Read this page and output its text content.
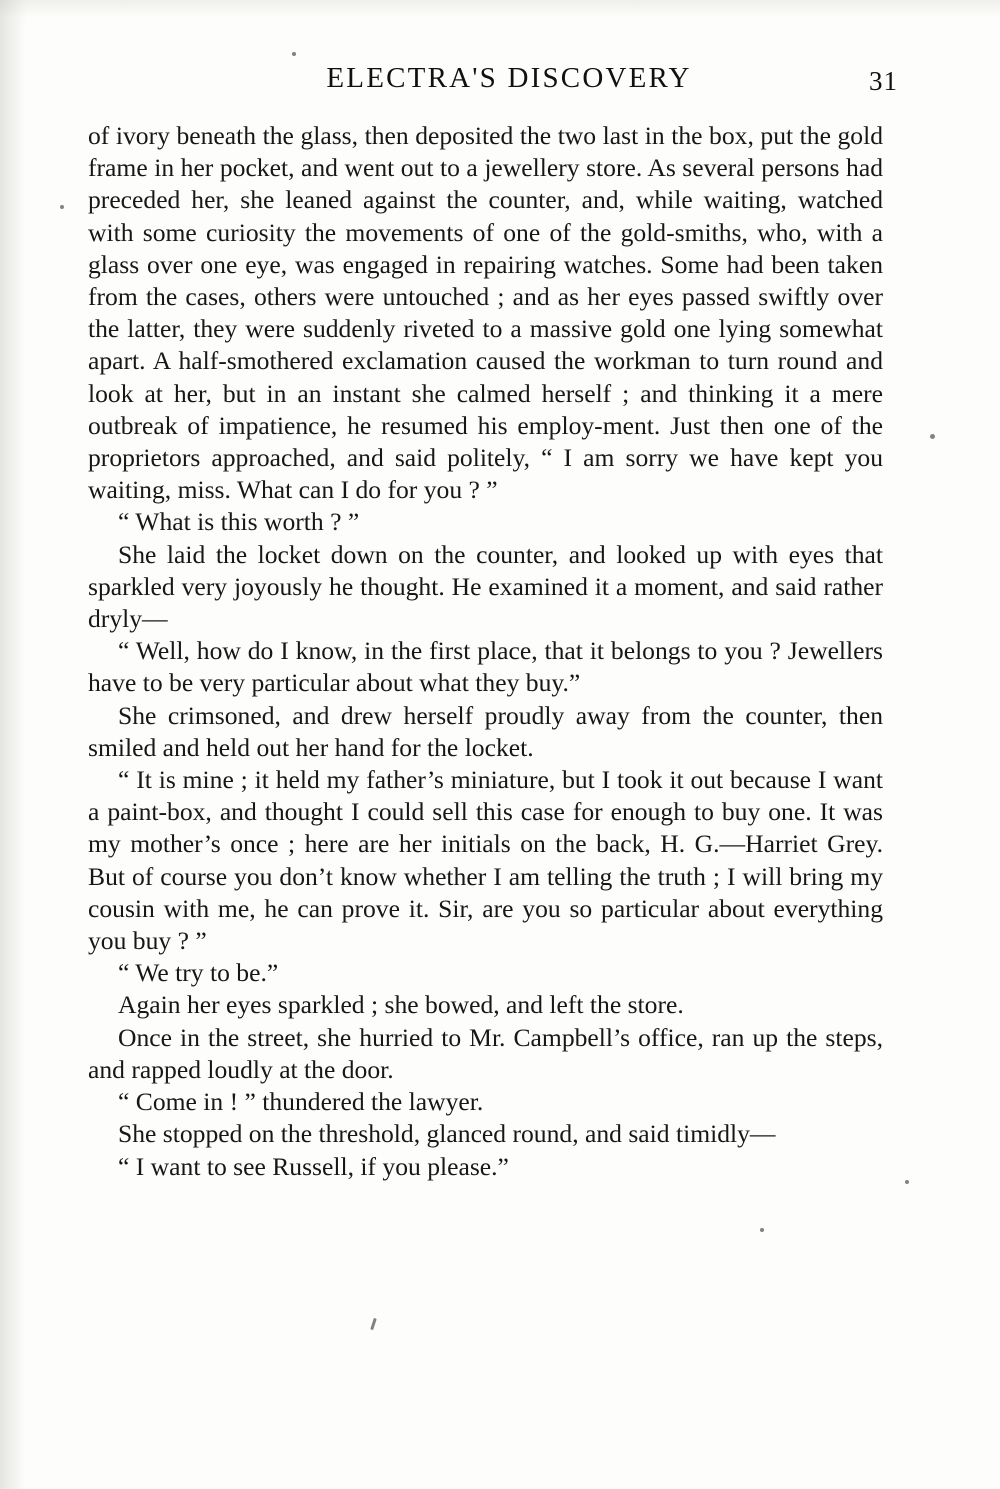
ELECTRA'S DISCOVERY	31

of ivory beneath the glass, then deposited the two last in the box, put the gold frame in her pocket, and went out to a jewellery store. As several persons had preceded her, she leaned against the counter, and, while waiting, watched with some curiosity the movements of one of the gold-smiths, who, with a glass over one eye, was engaged in repairing watches. Some had been taken from the cases, others were untouched ; and as her eyes passed swiftly over the latter, they were suddenly riveted to a massive gold one lying somewhat apart. A half-smothered exclamation caused the workman to turn round and look at her, but in an instant she calmed herself ; and thinking it a mere outbreak of impatience, he resumed his employ-ment. Just then one of the proprietors approached, and said politely, “ I am sorry we have kept you waiting, miss. What can I do for you ? ”

“ What is this worth ? ”

She laid the locket down on the counter, and looked up with eyes that sparkled very joyously he thought. He examined it a moment, and said rather dryly—

“ Well, how do I know, in the first place, that it belongs to you ? Jewellers have to be very particular about what they buy.”

She crimsoned, and drew herself proudly away from the counter, then smiled and held out her hand for the locket.

“ It is mine ; it held my father’s miniature, but I took it out because I want a paint-box, and thought I could sell this case for enough to buy one. It was my mother’s once ; here are her initials on the back, H. G.—Harriet Grey. But of course you don’t know whether I am telling the truth ; I will bring my cousin with me, he can prove it. Sir, are you so particular about everything you buy ? ”

“ We try to be.”

Again her eyes sparkled ; she bowed, and left the store.

Once in the street, she hurried to Mr. Campbell’s office, ran up the steps, and rapped loudly at the door.

“ Come in ! ” thundered the lawyer.

She stopped on the threshold, glanced round, and said timidly—

“ I want to see Russell, if you please.”
